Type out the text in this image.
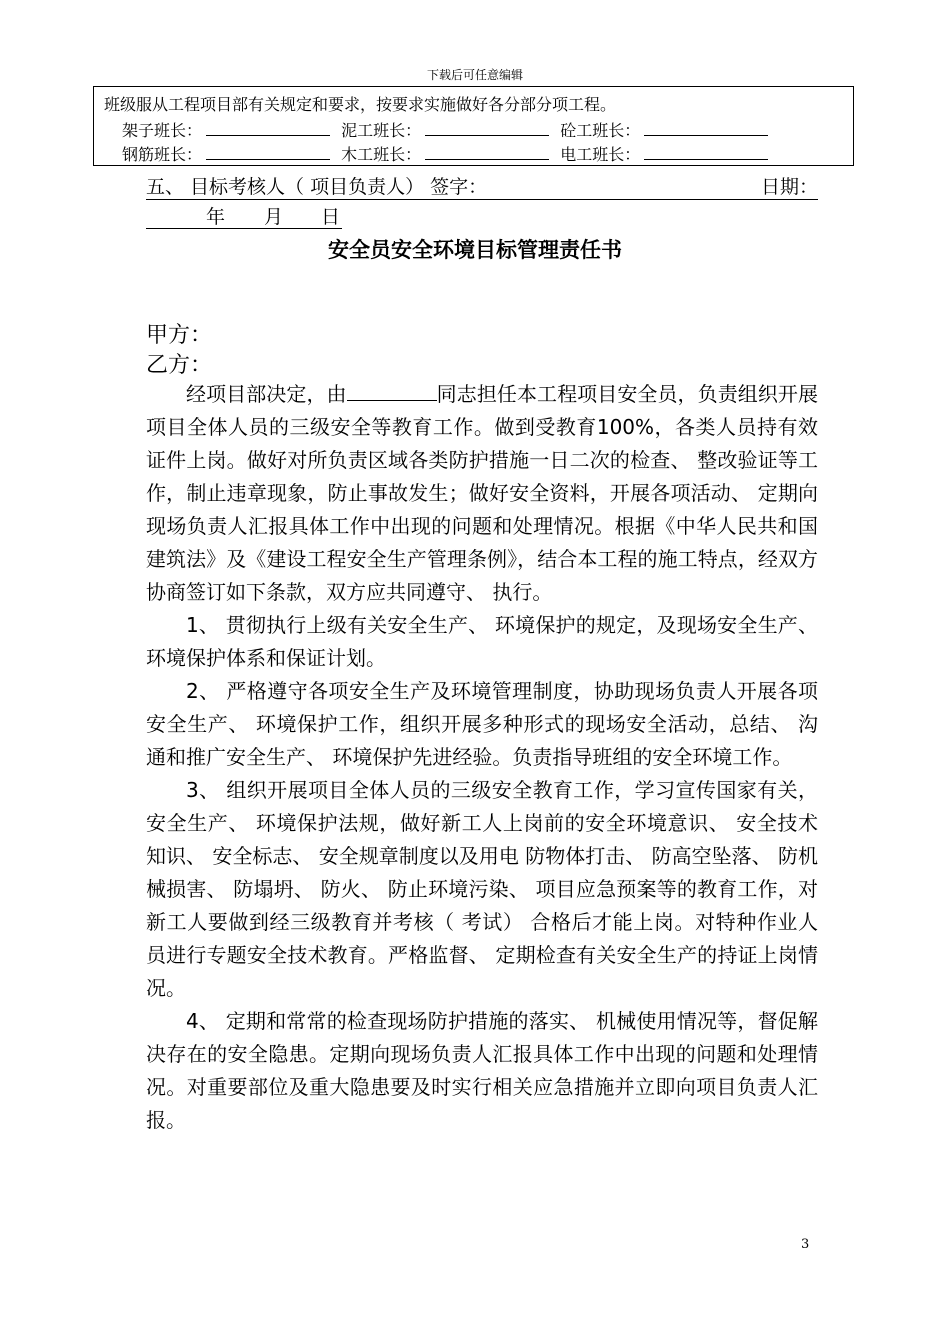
下载后可任意编辑
班级服从工程项目部有关规定和要求，按要求实施做好各分部分项工程。
架子班长：	泥工班长：	砼工班长：
钢筋班长：	木工班长：	电工班长：
五、 目标考核人（ 项目负责人） 签字：	日期：
年 月 日
安全员安全环境目标管理责任书
甲方：
乙方：

经项目部决定，由	同志担任本工程项目安全员，负责组织开展项目全体人员的三级安全等教育工作。做到受教育100%，各类人员持有效证件上岗。做好对所负责区域各类防护措施一日二次的检查、 整改验证等工作，制止违章现象，防止事故发生；做好安全资料，开展各项活动、 定期向现场负责人汇报具体工作中出现的问题和处理情况。根据《中华人民共和国建筑法》及《建设工程安全生产管理条例》，结合本工程的施工特点，经双方协商签订如下条款，双方应共同遵守、 执行。

1、 贯彻执行上级有关安全生产、 环境保护的规定，及现场安全生产、 环境保护体系和保证计划。

2、 严格遵守各项安全生产及环境管理制度，协助现场负责人开展各项安全生产、 环境保护工作，组织开展多种形式的现场安全活动，总结、 沟通和推广安全生产、 环境保护先进经验。负责指导班组的安全环境工作。

3、 组织开展项目全体人员的三级安全教育工作，学习宣传国家有关，安全生产、 环境保护法规，做好新工人上岗前的安全环境意识、 安全技术知识、 安全标志、 安全规章制度以及用电 防物体打击、 防高空坠落、 防机械损害、 防塌坍、 防火、 防止环境污染、 项目应急预案等的教育工作，对新工人要做到经三级教育并考核（ 考试） 合格后才能上岗。对特种作业人员进行专题安全技术教育。严格监督、 定期检查有关安全生产的持证上岗情况。

4、 定期和常常的检查现场防护措施的落实、 机械使用情况等，督促解决存在的安全隐患。定期向现场负责人汇报具体工作中出现的问题和处理情况。对重要部位及重大隐患要及时实行相关应急措施并立即向项目负责人汇报。

3
